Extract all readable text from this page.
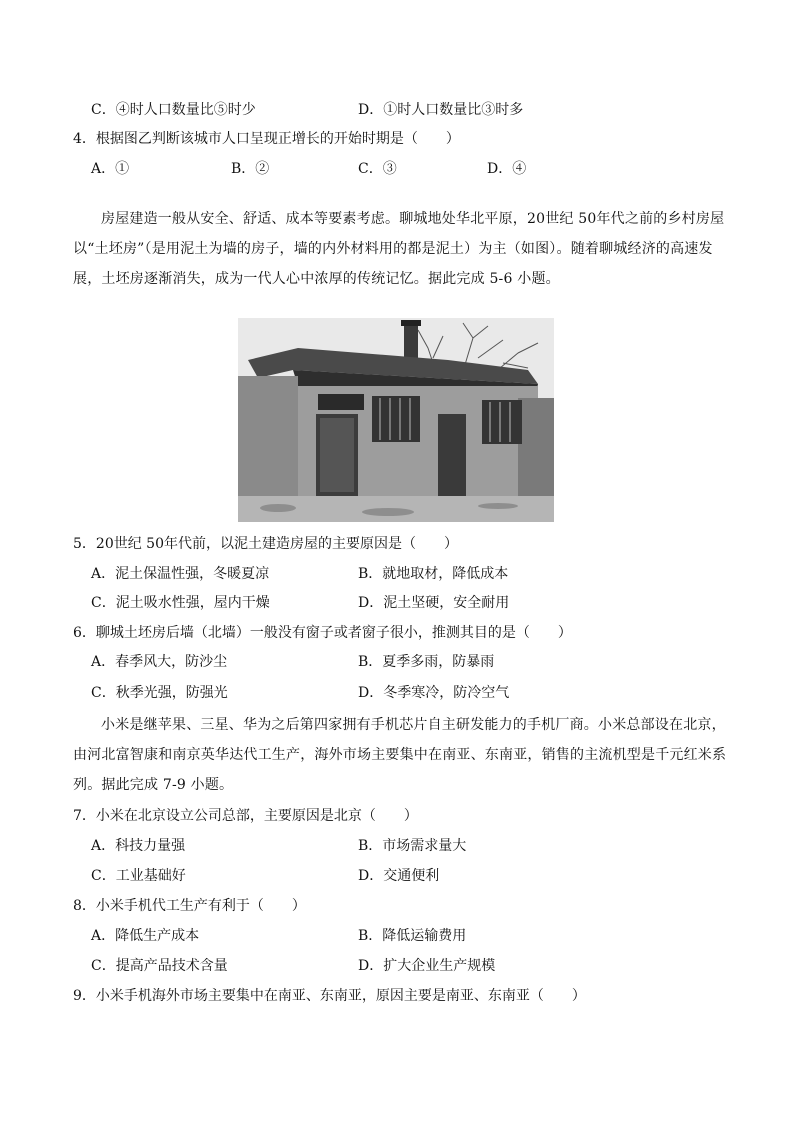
C．④时人口数量比⑤时少	D．①时人口数量比③时多
4．根据图乙判断该城市人口呈现正增长的开始时期是（　　）
A．①	B．②	C．③	D．④
房屋建造一般从安全、舒适、成本等要素考虑。聊城地处华北平原，20世纪 50年代之前的乡村房屋以“土坯房”（是用泥土为墙的房子，墙的内外材料用的都是泥土）为主（如图）。随着聊城经济的高速发展，土坯房逐渐消失，成为一代人心中浓厚的传统记忆。据此完成 5-6 小题。
5．20世纪 50年代前，以泥土建造房屋的主要原因是（　　）
A．泥土保温性强，冬暖夏凉	B．就地取材，降低成本
C．泥土吸水性强，屋内干燥	D．泥土坚硬，安全耐用
6．聊城土坯房后墙（北墙）一般没有窗子或者窗子很小，推测其目的是（　　）
A．春季风大，防沙尘	B．夏季多雨，防暴雨
C．秋季光强，防强光	D．冬季寒冷，防冷空气
小米是继苹果、三星、华为之后第四家拥有手机芯片自主研发能力的手机厂商。小米总部设在北京，由河北富智康和南京英华达代工生产，海外市场主要集中在南亚、东南亚，销售的主流机型是千元红米系列。据此完成 7-9 小题。
7．小米在北京设立公司总部，主要原因是北京（　　）
A．科技力量强	B．市场需求量大
C．工业基础好	D．交通便利
8．小米手机代工生产有利于（　　）
A．降低生产成本	B．降低运输费用
C．提高产品技术含量	D．扩大企业生产规模
9．小米手机海外市场主要集中在南亚、东南亚，原因主要是南亚、东南亚（　　）
